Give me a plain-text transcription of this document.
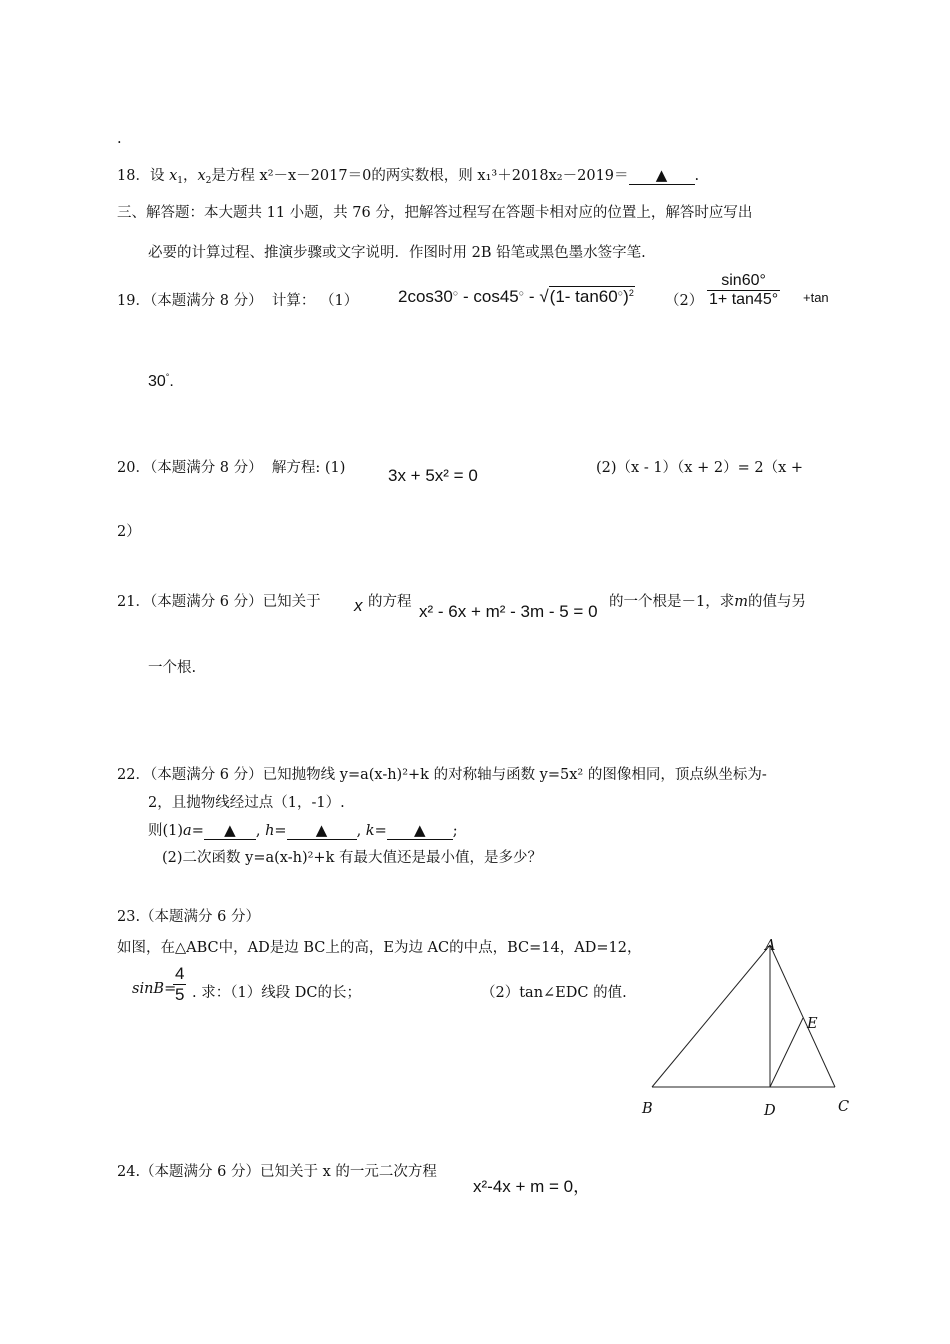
.
18．设 $x_1$，$x_2$是方程 x²－x－2017＝0的两实数根，则 x₁³＋2018x₂－2019＝ ▲ .
三、解答题：本大题共 11 小题，共 76 分，把解答过程写在答题卡相对应的位置上，解答时应写出
必要的计算过程、推演步骤或文字说明．作图时用 2B 铅笔或黑色墨水签字笔.
19．（本题满分 8 分） 计算： （1） 2cos30○ - cos45○ - √(1- tan60○)$^2$ $(2) \frac{\sin 60^\circ}{1+ \tan 45^\circ} +\tan$
30°.
20．（本题满分 8 分） 解方程: (1)	3x + 5x² = 0	(2)（x - 1）（x + 2）= 2（x +
2）
21．（本题满分 6 分）已知关于 x 的方程 x² - 6x + m² - 3m - 5 = 0 的一个根是－1，求m的值与另
一个根.
22．（本题满分 6 分）已知抛物线 y=a(x-h)²+k 的对称轴与函数 y=5x² 的图像相同，顶点纵坐标为-
2，且抛物线经过点（1，-1）.
则(1)a= ▲ , h= ▲ , k= ▲ ;
(2)二次函数 y=a(x-h)²+k 有最大值还是最小值，是多少？
23.（本题满分 6 分）
如图，在△ABC中，AD是边 BC上的高，E为边 AC的中点，BC=14，AD=12，
sinB=
$\frac{4}{5}$ . 求：（1）线段 DC的长；	（2）tan∠EDC 的值.
A
E
B	D	C
24.（本题满分 6 分）已知关于 x 的一元二次方程
x²-4x + m = 0，
